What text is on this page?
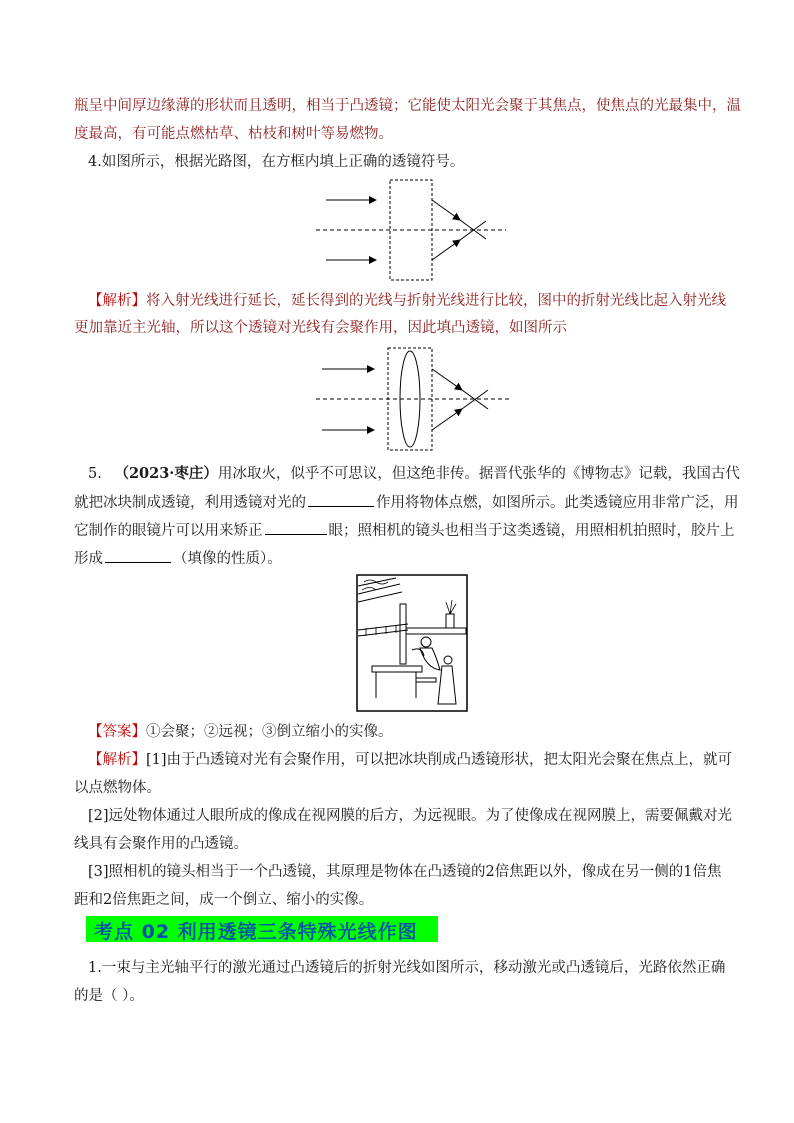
瓶呈中间厚边缘薄的形状而且透明，相当于凸透镜；它能使太阳光会聚于其焦点，使焦点的光最集中，温
度最高，有可能点燃枯草、枯枝和树叶等易燃物。
4.如图所示，根据光路图，在方框内填上正确的透镜符号。
【解析】将入射光线进行延长，延长得到的光线与折射光线进行比较，图中的折射光线比起入射光线
更加靠近主光轴，所以这个透镜对光线有会聚作用，因此填凸透镜，如图所示
5. （2023·枣庄）用冰取火，似乎不可思议，但这绝非传。据晋代张华的《博物志》记载，我国古代
就把冰块制成透镜，利用透镜对光的	作用将物体点燃，如图所示。此类透镜应用非常广泛，用
它制作的眼镜片可以用来矫正	眼；照相机的镜头也相当于这类透镜，用照相机拍照时，胶片上
形成	（填像的性质）。
【答案】①会聚；②远视；③倒立缩小的实像。
【解析】[1]由于凸透镜对光有会聚作用，可以把冰块削成凸透镜形状，把太阳光会聚在焦点上，就可
以点燃物体。
[2]远处物体通过人眼所成的像成在视网膜的后方，为远视眼。为了使像成在视网膜上，需要佩戴对光
线具有会聚作用的凸透镜。
[3]照相机的镜头相当于一个凸透镜，其原理是物体在凸透镜的2倍焦距以外，像成在另一侧的1倍焦
距和2倍焦距之间，成一个倒立、缩小的实像。
考点 02 利用透镜三条特殊光线作图
1.一束与主光轴平行的激光通过凸透镜后的折射光线如图所示，移动激光或凸透镜后，光路依然正确
的是（ ）。
